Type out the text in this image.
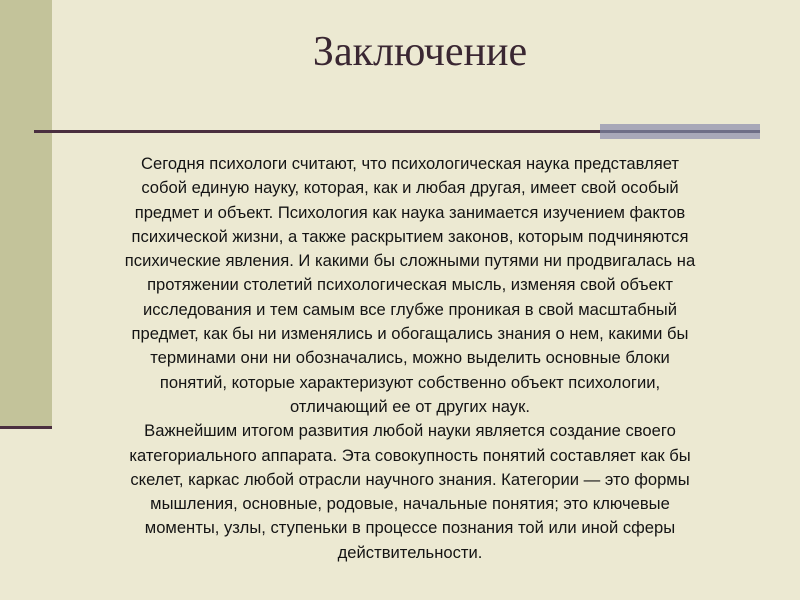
Заключение

Сегодня психологи считают, что психологическая наука представляет
собой единую науку, которая, как и любая другая, имеет свой особый
предмет и объект. Психология как наука занимается изучением фактов
психической жизни, а также раскрытием законов, которым подчиняются
психические явления. И какими бы сложными путями ни продвигалась на
протяжении столетий психологическая мысль, изменяя свой объект
исследования и тем самым все глубже проникая в свой масштабный
предмет, как бы ни изменялись и обогащались знания о нем, какими бы
терминами они ни обозначались, можно выделить основные блоки
понятий, которые характеризуют собственно объект психологии,
отличающий ее от других наук.

Важнейшим итогом развития любой науки является создание своего
категориального аппарата. Эта совокупность понятий составляет как бы
скелет, каркас любой отрасли научного знания. Категории — это формы
мышления, основные, родовые, начальные понятия; это ключевые
моменты, узлы, ступеньки в процессе познания той или иной сферы
действительности.
